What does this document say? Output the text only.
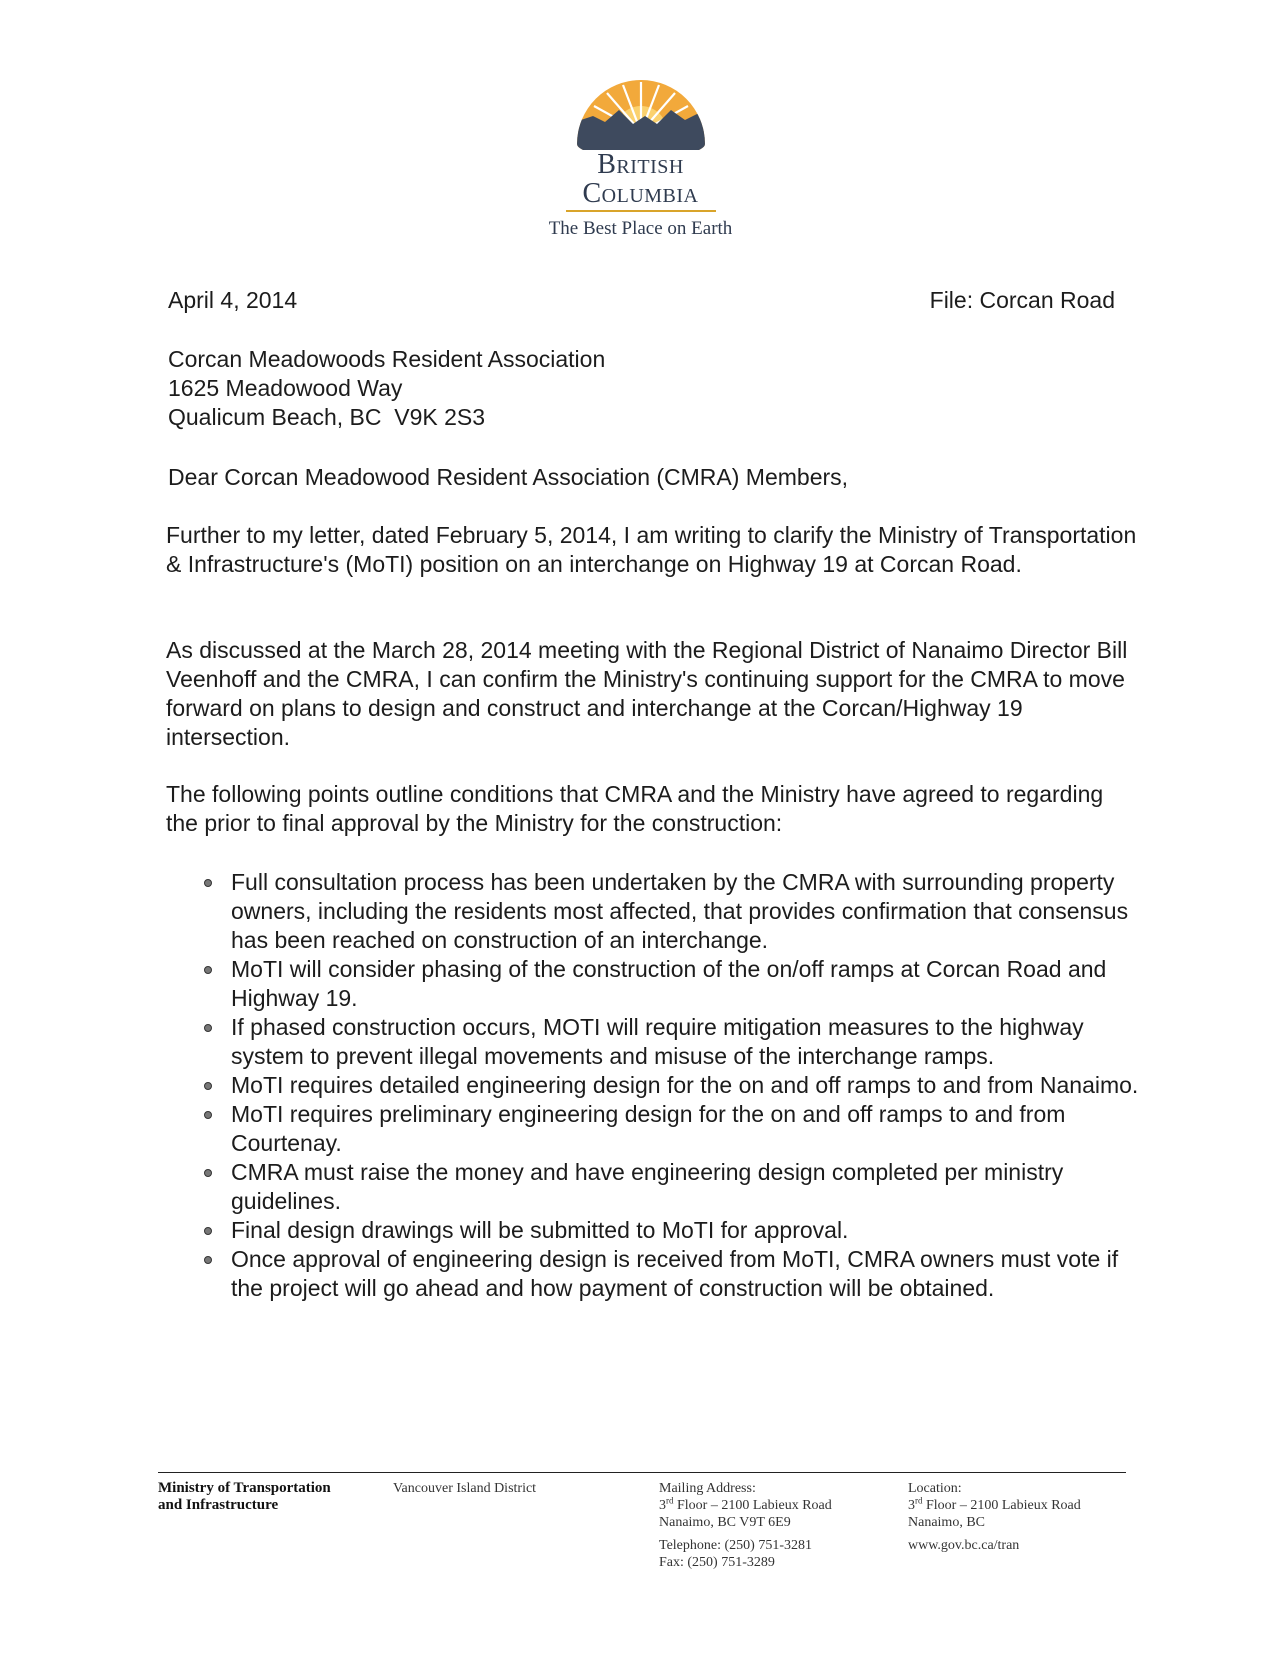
British
Columbia
The Best Place on Earth
April 4, 2014	File: Corcan Road
Corcan Meadowoods Resident Association
1625 Meadowood Way
Qualicum Beach, BC  V9K 2S3
Dear Corcan Meadowood Resident Association (CMRA) Members,
Further to my letter, dated February 5, 2014, I am writing to clarify the Ministry of Transportation & Infrastructure's (MoTI) position on an interchange on Highway 19 at Corcan Road.
As discussed at the March 28, 2014 meeting with the Regional District of Nanaimo Director Bill Veenhoff and the CMRA, I can confirm the Ministry's continuing support for the CMRA to move forward on plans to design and construct and interchange at the Corcan/Highway 19 intersection.
The following points outline conditions that CMRA and the Ministry have agreed to regarding the prior to final approval by the Ministry for the construction:
Full consultation process has been undertaken by the CMRA with surrounding property owners, including the residents most affected, that provides confirmation that consensus has been reached on construction of an interchange.
MoTI will consider phasing of the construction of the on/off ramps at Corcan Road and Highway 19.
If phased construction occurs, MOTI will require mitigation measures to the highway system to prevent illegal movements and misuse of the interchange ramps.
MoTI requires detailed engineering design for the on and off ramps to and from Nanaimo.
MoTI requires preliminary engineering design for the on and off ramps to and from Courtenay.
CMRA must raise the money and have engineering design completed per ministry guidelines.
Final design drawings will be submitted to MoTI for approval.
Once approval of engineering design is received from MoTI, CMRA owners must vote if the project will go ahead and how payment of construction will be obtained.
Ministry of Transportation
and Infrastructure
Vancouver Island District	Mailing Address:
3rd Floor – 2100 Labieux Road
Nanaimo, BC V9T 6E9
Telephone: (250) 751-3281
Fax: (250) 751-3289
Location:
3rd Floor – 2100 Labieux Road
Nanaimo, BC
www.gov.bc.ca/tran
